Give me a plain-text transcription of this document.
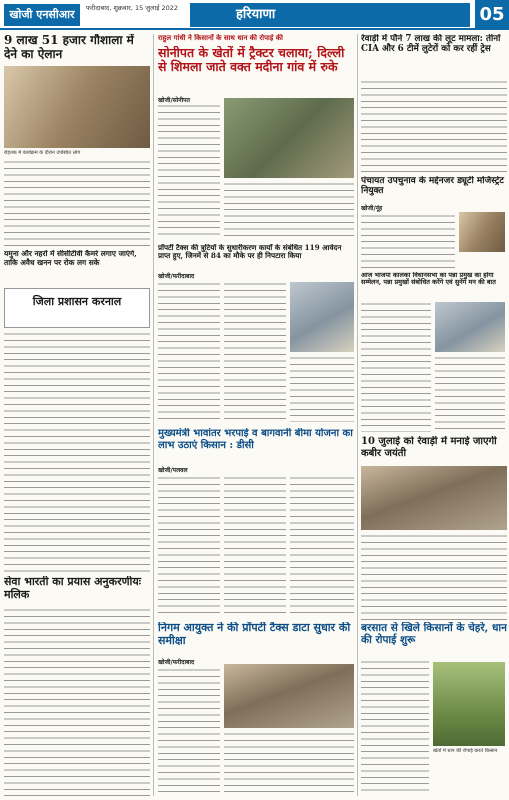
खोजी एनसीआर	फरीदाबाद, शुक्रवार, 15 जुलाई 2022	हरियाणा	05
9 लाख 51 हजार गौशाला में देने का ऐलान
रोहतक में कार्यक्रम के दौरान उपस्थित लोग
यमुना और नहरों में सीसीटीवी कैमरे लगाए जाएंगे, ताकि अवैध खनन पर रोक लग सके
जिला प्रशासन करनाल
सेवा भारती का प्रयास अनुकरणीयः मलिक
राहुल गांधी ने किसानों के साथ धान की रोपाई की
सोनीपत के खेतों में ट्रैक्टर चलाया; दिल्ली से शिमला जाते वक्त मदीना गांव में रुके
खोजी/सोनीपत
प्रॉपर्टी टैक्स की त्रुटियों के सुधारीकरण कार्यों के संबंधित 119 आवेदन प्राप्त हुए, जिनमें से 84 का मौके पर ही निपटारा किया
खोजी/फरीदाबाद
मुख्यमंत्री भावांतर भरपाई व बागवानी बीमा योजना का लाभ उठाएं किसान : डीसी
खोजी/पलवल
निगम आयुक्त ने की प्रॉपर्टी टैक्स डाटा सुधार की समीक्षा
खोजी/फरीदाबाद
रेवाड़ी में पौने 7 लाख की लूट मामला: तीनों CIA और 6 टीमें लुटेरों को कर रहीं ट्रेस
पंचायत उपचुनाव के मद्देनजर ड्यूटी मजिस्ट्रेट नियुक्त
खोजी/नूंह
आज भाजपा कालका विधानसभा का पन्ना प्रमुख का होगा सम्मेलन, पन्ना प्रमुखों संबोधित करेंगे एवं सुनेंगे मन की बात
10 जुलाई को रेवाड़ी में मनाई जाएगी कबीर जयंती
बरसात से खिले किसानों के चेहरे, धान की रोपाई शुरू
खेतों में धान की रोपाई करते किसान
